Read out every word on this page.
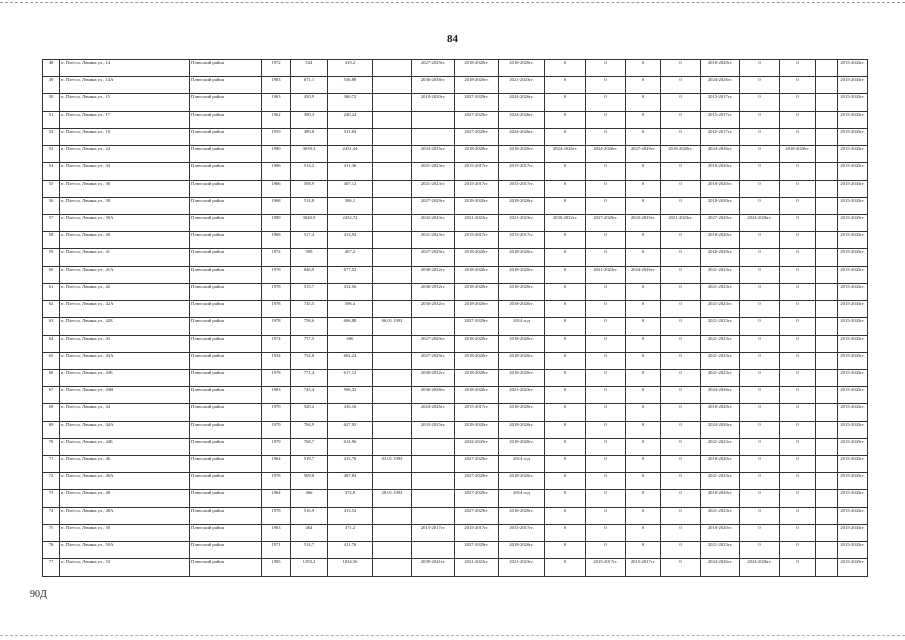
84
48	п. Плесса, Ленина ул., 14	Плюсский район	1972	524	419,2		2027-2029гг.	2018-2020гг.	2018-2020гг.	0	0	0	0	2018-2020гг.	0	0		2015-2043гг.
49	п. Плесса, Ленина ул., 14А	Плюсский район	1983	671,1	536,88		2036-2038гг.	2018-2020гг.	2021-2023гг.	0	0	0	0	2024-2026гг.	0	0		2015-2043гг.
50	п. Плесса, Ленина ул., 15	Плюсский район	1963	450,9	360,72		2018-2020гг.	2027-2029гг.	2024-2026гг.	0	0	0	0	2015-2017гг.	0	0		2015-2043гг.
51	п. Плесса, Ленина ул., 17	Плюсский район	1962	300,3	240,24			2027-2029гг.	2024-2026гг.	0	0	0	0	2015-2017гг.	0	0		2015-2043гг.
52	п. Плесса, Ленина ул., 19	Плюсский район	1959	389,8	311,84			2027-2029гг.	2024-2026гг.	0	0	0	0	2015-2017гг.	0	0		2015-2043гг.
53	п. Плесса, Ленина ул., 24	Плюсский район	1980	3039,3	2431,44		2033-2035гг.	2018-2020гг.	2018-2020гг.	2024-2026гг.	2024-2026гг.	2027-2029гг.	2018-2020гг.	2024-2026гг.	0	2018-2020гг.		2015-2043гг.
54	п. Плесса, Ленина ул., 34	Плюсский район	1966	514,2	411,36		2021-2023гг.	2015-2017гг.	2015-2017гг.	0	0	0	0	2018-2020гг.	0	0		2015-2043гг.
55	п. Плесса, Ленина ул., 36	Плюсский район	1966	508,9	407,12		2021-2023гг.	2015-2017гг.	2015-2017гг.	0	0	0	0	2018-2020гг.	0	0		2015-2043гг.
56	п. Плесса, Ленина ул., 38	Плюсский район	1968	514,8	386,1		2027-2029гг.	2018-2020гг.	2018-2020гг.	0	0	0	0	2018-2020гг.	0	0		2015-2043гг.
57	п. Плесса, Ленина ул., 39А	Плюсский район	1989	3040,9	2432,72		2042-2043гг.	2021-2023гг.	2021-2023гг.	2030-2032гг.	2027-2029гг.	2033-2035гг.	2021-2023гг.	2027-2029гг.	2024-2026гг.	0		2015-2043гг.
58	п. Плесса, Ленина ул., 40	Плюсский район	1968	517,4	413,92		2021-2023гг.	2015-2017гг.	2015-2017гг.	0	0	0	0	2018-2020гг.	0	0		2015-2043гг.
59	п. Плесса, Ленина ул., 41	Плюсский район	1972	509	407,2		2027-2029гг.	2018-2020гг.	2018-2020гг.	0	0	0	0	2018-2020гг.	0	0		2015-2043гг.
60	п. Плесса, Ленина ул., 41А	Плюсский район	1978	846,9	677,52		2030-2032гг.	2018-2020гг.	2018-2020гг.	0	2021-2023гг.	2024-2026гг.	0	2021-2023гг.	0	0		2015-2043гг.
61	п. Плесса, Ленина ул., 42	Плюсский район	1978	515,7	412,56		2030-2032гг.	2018-2020гг.	2018-2020гг.	0	0	0	0	2021-2023гг.	0	0		2015-2043гг.
62	п. Плесса, Ленина ул., 42А	Плюсский район	1978	745,5	596,4		2030-2032гг.	2018-2020гг.	2018-2020гг.	0	0	0	0	2021-2023гг.	0	0		2015-2043гг.
63	п. Плесса, Ленина ул., 42Б	Плюсский район	1978	758,6	606,88	06.01.1993		2027-2029гг.	2014 год	0	0	0	0	2021-2023гг.	0	0		2015-2043гг.
64	п. Плесса, Ленина ул., 43	Плюсский район	1974	757,5	606		2027-2029гг.	2018-2020гг.	2018-2020гг.	0	0	0	0	2021-2023гг.	0	0		2015-2043гг.
65	п. Плесса, Ленина ул., 43А	Плюсский район	1934	752,8	602,24		2027-2029гг.	2018-2020гг.	2018-2020гг.	0	0	0	0	2021-2023гг.	0	0		2015-2043гг.
66	п. Плесса, Ленина ул., 43Б	Плюсский район	1978	771,4	617,12		2030-2032гг.	2018-2020гг.	2018-2020гг.	0	0	0	0	2021-2023гг.	0	0		2015-2043гг.
67	п. Плесса, Ленина ул., 43В	Плюсский район	1983	745,4	596,32		2036-2038гг.	2018-2020гг.	2021-2023гг.	0	0	0	0	2024-2026гг.	0	0		2015-2043гг.
68	п. Плесса, Ленина ул., 44	Плюсский район	1970	520,2	416,16		2024-2026гг.	2015-2017гг.	2018-2020гг.	0	0	0	0	2018-2020гг.	0	0		2015-2043гг.
69	п. Плесса, Ленина ул., 44А	Плюсский район	1979	784,9	627,92		2033-2035гг.	2018-2020гг.	2018-2020гг.	0	0	0	0	2024-2026гг.	0	0		2015-2043гг.
70	п. Плесса, Ленина ул., 44Б	Плюсский район	1979	768,7	614,96			2042-2043гг.	2018-2020гг.	0	0	0	0	2021-2023гг.	0	0		2015-2043гг.
71	п. Плесса, Ленина ул., 46	Плюсский район	1964	519,7	415,76	03.01.1993		2027-2029гг.	2014 год	0	0	0	0	2018-2020гг.	0	0		2015-2043гг.
72	п. Плесса, Ленина ул., 46А	Плюсский район	1978	509,8	407,84			2027-2029гг.	2018-2020гг.	0	0	0	0	2021-2023гг.	0	0		2015-2043гг.
73	п. Плесса, Ленина ул., 48	Плюсский район	1964	466	372,8	28.01.1993		2027-2029гг.	2014 год	0	0	0	0	2018-2020гг.	0	0		2015-2043гг.
74	п. Плесса, Ленина ул., 48А	Плюсский район	1978	516,9	413,52			2027-2029гг.	2018-2020гг.	0	0	0	0	2021-2023гг.	0	0		2015-2043гг.
75	п. Плесса, Ленина ул., 50	Плюсский район	1963	464	371,2		2015-2017гг.	2015-2017гг.	2015-2017гг.	0	0	0	0	2018-2020гг.	0	0		2015-2043гг.
76	п. Плесса, Ленина ул., 50А	Плюсский район	1971	514,7	411,76			2027-2029гг.	2018-2020гг.	0	0	0	0	2021-2023гг.	0	0		2015-2043гг.
77	п. Плесса, Ленина ул., 53	Плюсский район	1985	1293,2	1034,56		2039-2041гг.	2021-2023гг.	2021-2023гг.	0	2015-2017гг.	2015-2017гг.	0	2024-2026гг.	2024-2026гг.	0		2015-2043гг.
90Д
